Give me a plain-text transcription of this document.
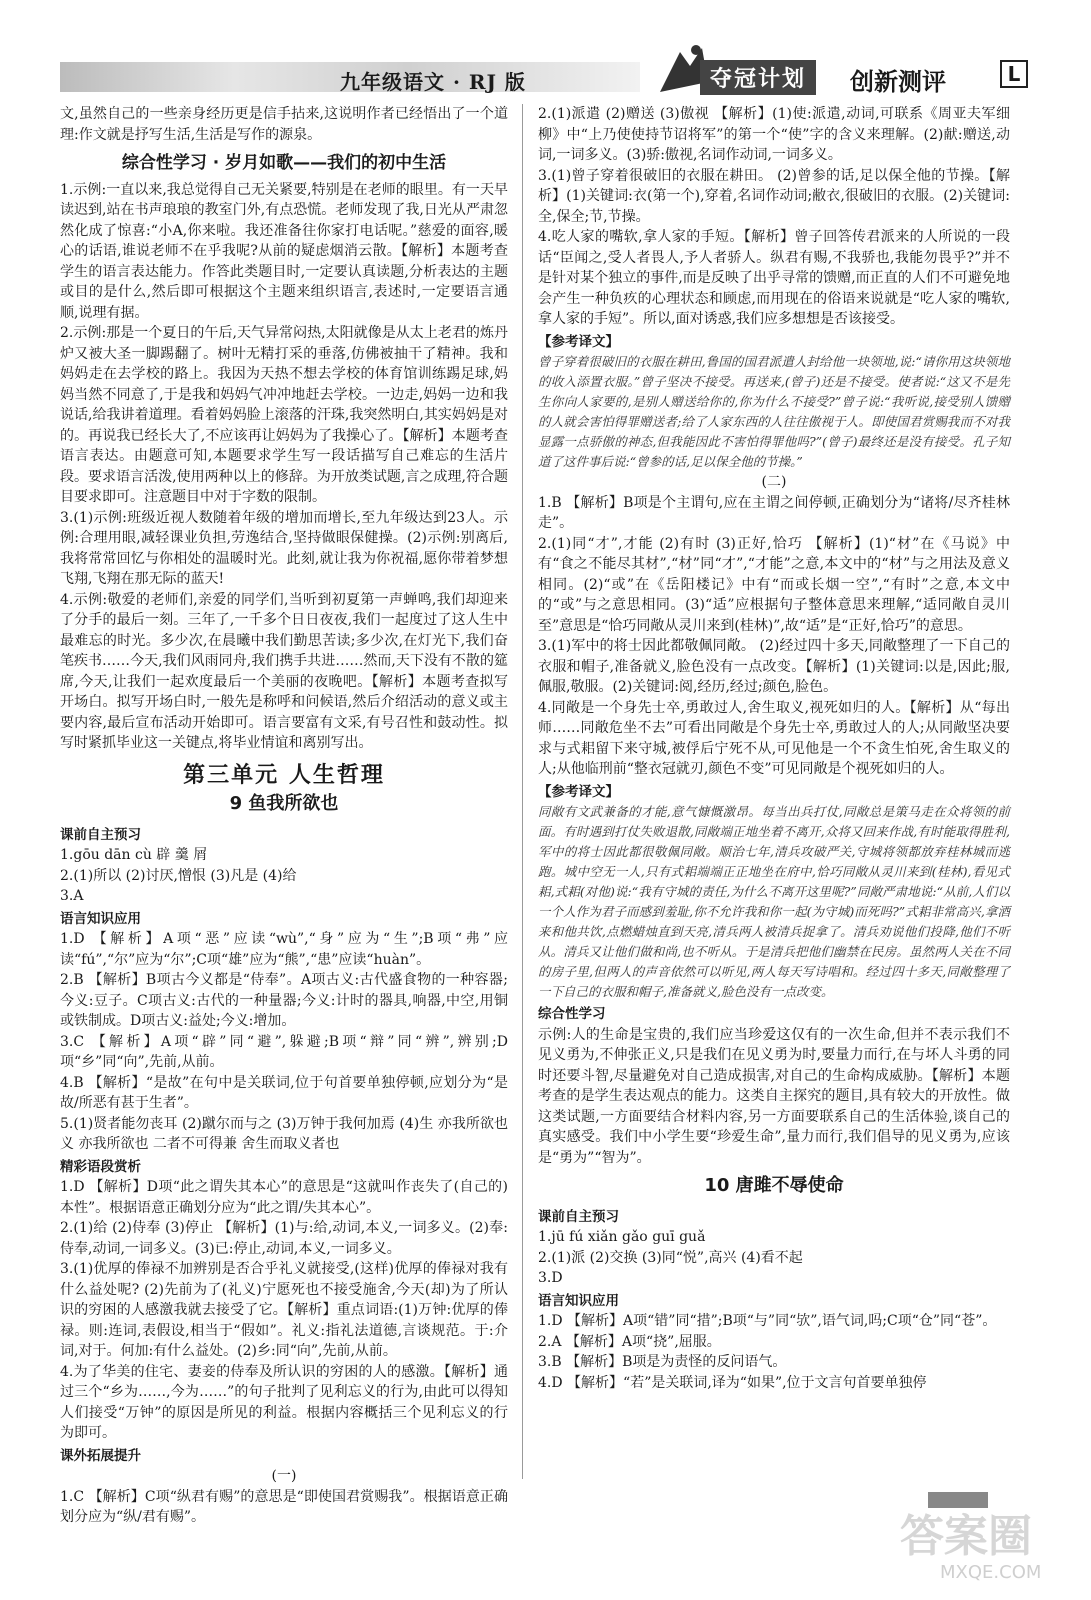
九年级语文 · RJ 版	夺冠计划	创新测评	L

文,虽然自己的一些亲身经历更是信手拈来,这说明作者已经悟出了一个道理:作文就是抒写生活,生活是写作的源泉。

综合性学习 · 岁月如歌——我们的初中生活

1.示例:一直以来,我总觉得自己无关紧要,特别是在老师的眼里。有一天早读迟到,站在书声琅琅的教室门外,有点恐慌。老师发现了我,日光从严肃忽然化成了惊喜:“小A,你来啦。我还准备往你家打电话呢。”慈爱的面容,暖心的话语,谁说老师不在乎我呢?从前的疑虑烟消云散。【解析】本题考查学生的语言表达能力。作答此类题目时,一定要认真读题,分析表达的主题或目的是什么,然后即可根据这个主题来组织语言,表述时,一定要语言通顺,说理有据。

2.示例:那是一个夏日的午后,天气异常闷热,太阳就像是从太上老君的炼丹炉又被大圣一脚踢翻了。树叶无精打采的垂落,仿佛被抽干了精神。我和妈妈走在去学校的路上。我因为天热不想去学校的体育馆训练踢足球,妈妈当然不同意了,于是我和妈妈气冲冲地赶去学校。一边走,妈妈一边和我说话,给我讲着道理。看着妈妈脸上滚落的汗珠,我突然明白,其实妈妈是对的。再说我已经长大了,不应该再让妈妈为了我操心了。【解析】本题考查语言表达。由题意可知,本题要求学生写一段话描写自己难忘的生活片段。要求语言活泼,使用两种以上的修辞。为开放类试题,言之成理,符合题目要求即可。注意题目中对于字数的限制。

3.(1)示例:班级近视人数随着年级的增加而增长,至九年级达到23人。示例:合理用眼,减轻课业负担,劳逸结合,坚持做眼保健操。(2)示例:别离后,我将常常回忆与你相处的温暖时光。此刻,就让我为你祝福,愿你带着梦想飞翔,飞翔在那无际的蓝天!

4.示例:敬爱的老师们,亲爱的同学们,当听到初夏第一声蝉鸣,我们却迎来了分手的最后一刻。三年了,一千多个日日夜夜,我们一起度过了这人生中最难忘的时光。多少次,在晨曦中我们勤思苦读;多少次,在灯光下,我们奋笔疾书……今天,我们风雨同舟,我们携手共进……然而,天下没有不散的筵席,今天,让我们一起欢度最后一个美丽的夜晚吧。【解析】本题考查拟写开场白。拟写开场白时,一般先是称呼和问候语,然后介绍活动的意义或主要内容,最后宣布活动开始即可。语言要富有文采,有号召性和鼓动性。拟写时紧抓毕业这一关键点,将毕业情谊和离别写出。

第三单元 人生哲理
9 鱼我所欲也
课前自主预习

1.gōu dān cù 辟 羹 屑

2.(1)所以 (2)讨厌,憎恨 (3)凡是 (4)给

3.A

语言知识应用

1.D 【解析】A项“恶”应读“wù”,“身”应为“生”;B项“弗”应读“fú”,“尔”应为“尔”;C项“雄”应为“熊”,“患”应读“huàn”。

2.B 【解析】B项古今义都是“侍奉”。A项古义:古代盛食物的一种容器;今义:豆子。C项古义:古代的一种量器;今义:计时的器具,响器,中空,用铜或铁制成。D项古义:益处;今义:增加。

3.C 【解析】A项“辟”同“避”,躲避;B项“辩”同“辨”,辨别;D项“乡”同“向”,先前,从前。

4.B 【解析】“是故”在句中是关联词,位于句首要单独停顿,应划分为“是故/所恶有甚于生者”。

5.(1)贤者能勿丧耳 (2)蹴尔而与之 (3)万钟于我何加焉 (4)生 亦我所欲也 义 亦我所欲也 二者不可得兼 舍生而取义者也

精彩语段赏析

1.D 【解析】D项“此之谓失其本心”的意思是“这就叫作丧失了(自己的)本性”。根据语意正确划分应为“此之谓/失其本心”。

2.(1)给 (2)侍奉 (3)停止 【解析】(1)与:给,动词,本义,一词多义。(2)奉:侍奉,动词,一词多义。(3)已:停止,动词,本义,一词多义。

3.(1)优厚的俸禄不加辨别是否合乎礼义就接受,(这样)优厚的俸禄对我有什么益处呢? (2)先前为了(礼义)宁愿死也不接受施舍,今天(却)为了所认识的穷困的人感激我就去接受了它。【解析】重点词语:(1)万钟:优厚的俸禄。则:连词,表假设,相当于“假如”。礼义:指礼法道德,言谈规范。于:介词,对于。何加:有什么益处。(2)乡:同“向”,先前,从前。

4.为了华美的住宅、妻妾的侍奉及所认识的穷困的人的感激。【解析】通过三个“乡为……,今为……”的句子批判了见利忘义的行为,由此可以得知人们接受“万钟”的原因是所见的利益。根据内容概括三个见利忘义的行为即可。

课外拓展提升
(一)

1.C 【解析】C项“纵君有赐”的意思是“即使国君赏赐我”。根据语意正确划分应为“纵/君有赐”。

2.(1)派遣 (2)赠送 (3)傲视 【解析】(1)使:派遣,动词,可联系《周亚夫军细柳》中“上乃使使持节诏将军”的第一个“使”字的含义来理解。(2)献:赠送,动词,一词多义。(3)骄:傲视,名词作动词,一词多义。

3.(1)曾子穿着很破旧的衣服在耕田。 (2)曾参的话,足以保全他的节操。【解析】(1)关键词:衣(第一个),穿着,名词作动词;敝衣,很破旧的衣服。(2)关键词:全,保全;节,节操。

4.吃人家的嘴软,拿人家的手短。【解析】曾子回答传君派来的人所说的一段话“臣闻之,受人者畏人,予人者骄人。纵君有赐,不我骄也,我能勿畏乎?”并不是针对某个独立的事件,而是反映了出乎寻常的馈赠,而正直的人们不可避免地会产生一种负疚的心理状态和顾虑,而用现在的俗语来说就是“吃人家的嘴软,拿人家的手短”。所以,面对诱惑,我们应多想想是否该接受。

【参考译文】

曾子穿着很破旧的衣服在耕田,鲁国的国君派遣人封给他一块领地,说:“请你用这块领地的收入添置衣服。”曾子坚决不接受。再送来,(曾子)还是不接受。使者说:“这又不是先生你向人家要的,是别人赠送给你的,你为什么不接受?”曾子说:“我听说,接受别人馈赠的人就会害怕得罪赠送者;给了人家东西的人往往傲视于人。即使国君赏赐我而不对我显露一点骄傲的神态,但我能因此不害怕得罪他吗?”(曾子)最终还是没有接受。孔子知道了这件事后说:“曾参的话,足以保全他的节操。”

(二)

1.B 【解析】B项是个主谓句,应在主谓之间停顿,正确划分为“诸将/尽齐桂林走”。

2.(1)同“才”,才能 (2)有时 (3)正好,恰巧 【解析】(1)“材”在《马说》中有“食之不能尽其材”,“材”同“才”,“才能”之意,本文中的“材”与之用法及意义相同。(2)“或”在《岳阳楼记》中有“而或长烟一空”,“有时”之意,本文中的“或”与之意思相同。(3)“适”应根据句子整体意思来理解,“适同敞自灵川至”意思是“恰巧同敞从灵川来到(桂林)”,故“适”是“正好,恰巧”的意思。

3.(1)军中的将士因此都敬佩同敞。 (2)经过四十多天,同敞整理了一下自己的衣服和帽子,准备就义,脸色没有一点改变。【解析】(1)关键词:以是,因此;服,佩服,敬服。(2)关键词:阅,经历,经过;颜色,脸色。

4.同敞是一个身先士卒,勇敢过人,舍生取义,视死如归的人。【解析】从“每出师……同敞危坐不去”可看出同敞是个身先士卒,勇敢过人的人;从同敞坚决要求与式耜留下来守城,被俘后宁死不从,可见他是一个不贪生怕死,舍生取义的人;从他临刑前“整衣冠就刃,颜色不变”可见同敞是个视死如归的人。

【参考译文】

同敞有文武兼备的才能,意气慷慨激昂。每当出兵打仗,同敞总是策马走在众将领的前面。有时遇到打仗失败退散,同敞端正地坐着不离开,众将又回来作战,有时能取得胜利,军中的将士因此都很敬佩同敞。顺治七年,清兵攻破严关,守城将领都放弃桂林城而逃跑。城中空无一人,只有式耜端端正正地坐在府中,恰巧同敞从灵川来到(桂林),看见式耜,式耜(对他)说:“我有守城的责任,为什么不离开这里呢?”同敞严肃地说:“从前,人们以一个人作为君子而感到羞耻,你不允许我和你一起(为守城)而死吗?”式耜非常高兴,拿酒来和他共饮,点燃蜡烛直到天亮,清兵两人被清兵捉拿了。清兵劝说他们投降,他们不听从。清兵又让他们做和尚,也不听从。于是清兵把他们幽禁在民房。虽然两人关在不同的房子里,但两人的声音依然可以听见,两人每天写诗唱和。经过四十多天,同敞整理了一下自己的衣服和帽子,准备就义,脸色没有一点改变。

综合性学习

示例:人的生命是宝贵的,我们应当珍爱这仅有的一次生命,但并不表示我们不见义勇为,不伸张正义,只是我们在见义勇为时,要量力而行,在与坏人斗勇的同时还要斗智,尽量避免对自己造成损害,对自己的生命构成威胁。【解析】本题考查的是学生表达观点的能力。这类自主探究的题目,具有较大的开放性。做这类试题,一方面要结合材料内容,另一方面要联系自己的生活体验,谈自己的真实感受。我们中小学生要“珍爱生命”,量力而行,我们倡导的见义勇为,应该是“勇为”“智为”。

10 唐雎不辱使命
课前自主预习

1.jū fú xiǎn gǎo guī guǎ

2.(1)派 (2)交换 (3)同“悦”,高兴 (4)看不起

3.D

语言知识应用

1.D 【解析】A项“错”同“措”;B项“与”同“欤”,语气词,吗;C项“仓”同“苍”。

2.A 【解析】A项“挠”,屈服。

3.B 【解析】B项是为责怪的反问语气。

4.D 【解析】“若”是关联词,译为“如果”,位于文言句首要单独停

答案圈
MXQE.COM
